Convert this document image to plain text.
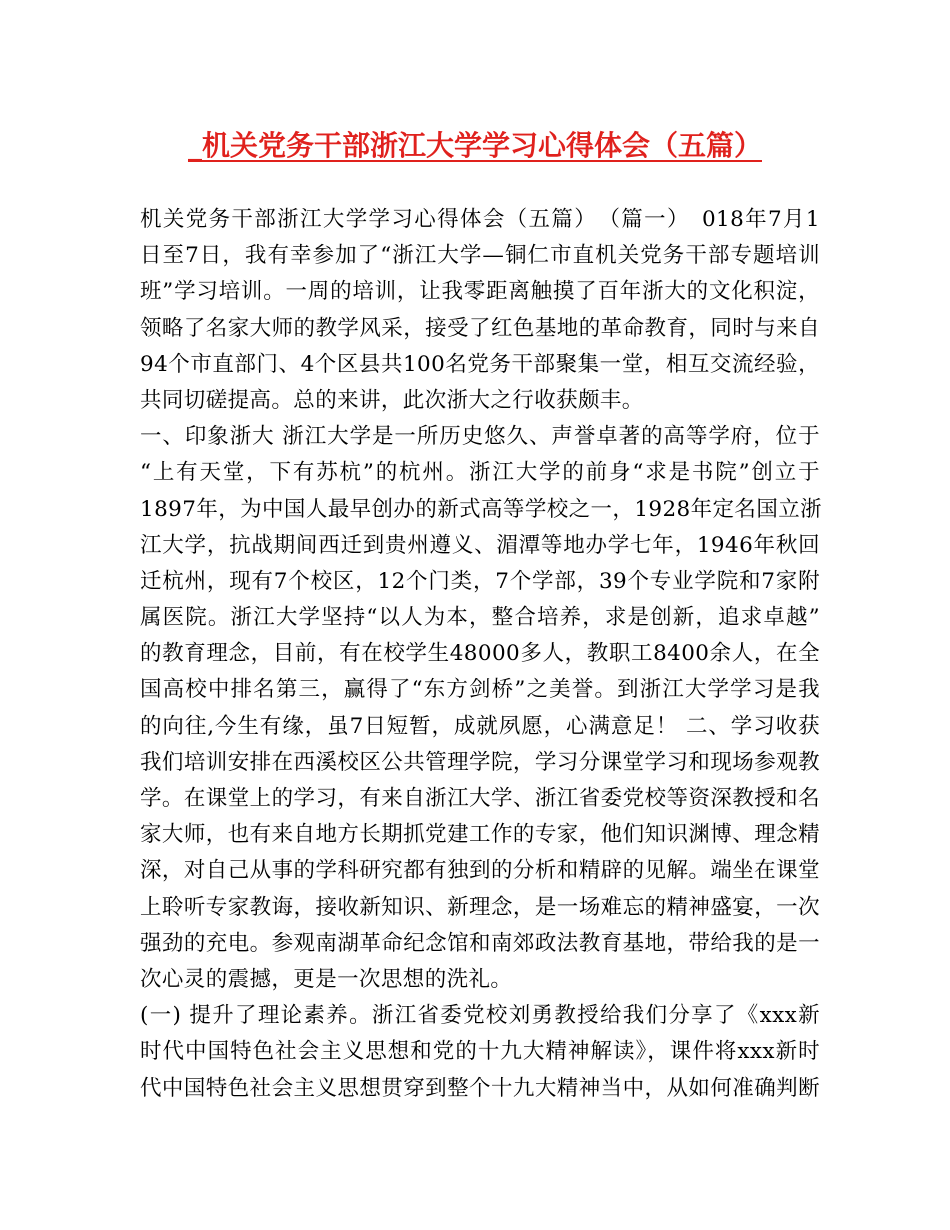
_机关党务干部浙江大学学习心得体会（五篇）
机关党务干部浙江大学学习心得体会（五篇）　（篇一）　018年7月1
日至7日，我有幸参加了“浙江大学—铜仁市直机关党务干部专题培训
班”学习培训。一周的培训，让我零距离触摸了百年浙大的文化积淀，
领略了名家大师的教学风采，接受了红色基地的革命教育，同时与来自
94个市直部门、4个区县共100名党务干部聚集一堂，相互交流经验，
共同切磋提高。总的来讲，此次浙大之行收获颇丰。
一、印象浙大 浙江大学是一所历史悠久、声誉卓著的高等学府，位于
“上有天堂，下有苏杭”的杭州。浙江大学的前身“求是书院”创立于
1897年，为中国人最早创办的新式高等学校之一，1928年定名国立浙
江大学，抗战期间西迁到贵州遵义、湄潭等地办学七年，1946年秋回
迁杭州，现有7个校区，12个门类，7个学部，39个专业学院和7家附
属医院。浙江大学坚持“以人为本，整合培养，求是创新，追求卓越”
的教育理念，目前，有在校学生48000多人，教职工8400余人，在全
国高校中排名第三，赢得了“东方剑桥”之美誉。到浙江大学学习是我
的向往,今生有缘，虽7日短暂，成就夙愿，心满意足！ 二、学习收获
我们培训安排在西溪校区公共管理学院，学习分课堂学习和现场参观教
学。在课堂上的学习，有来自浙江大学、浙江省委党校等资深教授和名
家大师，也有来自地方长期抓党建工作的专家，他们知识渊博、理念精
深，对自己从事的学科研究都有独到的分析和精辟的见解。端坐在课堂
上聆听专家教诲，接收新知识、新理念，是一场难忘的精神盛宴，一次
强劲的充电。参观南湖革命纪念馆和南郊政法教育基地，带给我的是一
次心灵的震撼，更是一次思想的洗礼。
(一) 提升了理论素养。浙江省委党校刘勇教授给我们分享了《xxx新
时代中国特色社会主义思想和党的十九大精神解读》，课件将xxx新时
代中国特色社会主义思想贯穿到整个十九大精神当中，从如何准确判断
